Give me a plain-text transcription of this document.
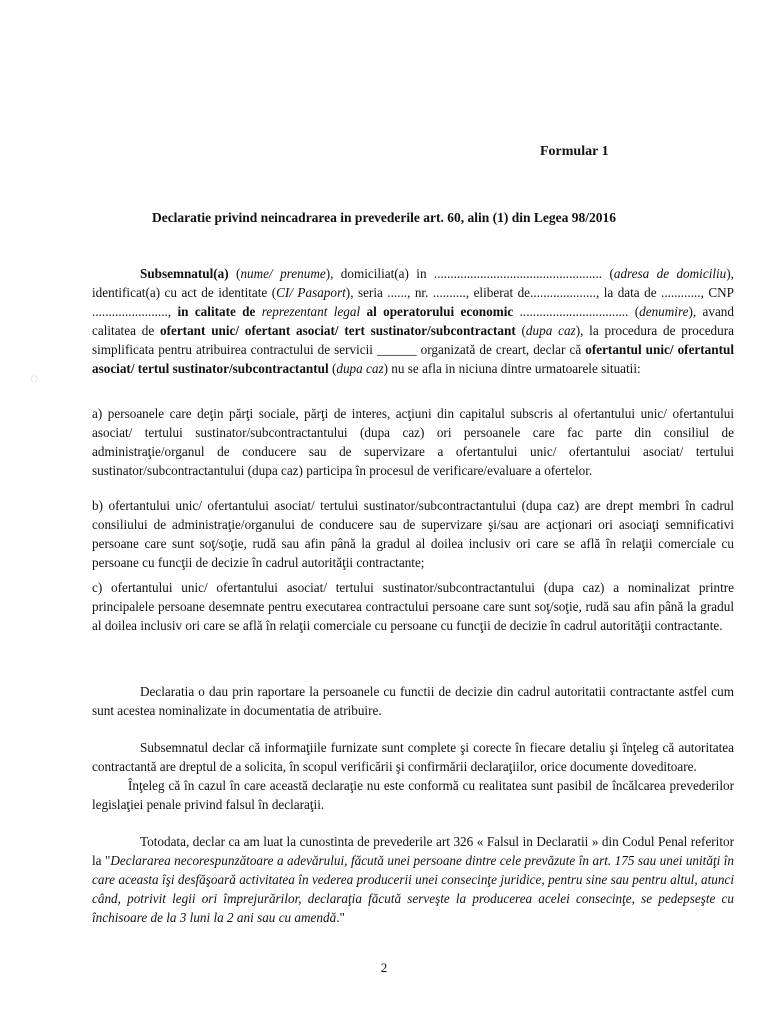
Formular 1
Declaratie privind neincadrarea in prevederile art. 60, alin (1) din Legea 98/2016

Subsemnatul(a) (nume/ prenume), domiciliat(a) in ................................................... (adresa de domiciliu), identificat(a) cu act de identitate (CI/ Pasaport), seria ......, nr. .........., eliberat de...................., la data de ............, CNP ......................., in calitate de reprezentant legal al operatorului economic ................................. (denumire), avand calitatea de ofertant unic/ ofertant asociat/ tert sustinator/subcontractant (dupa caz), la procedura de procedura simplificata pentru atribuirea contractului de servicii ______ organizată de creart, declar că ofertantul unic/ ofertantul asociat/ tertul sustinator/subcontractantul (dupa caz) nu se afla in niciuna dintre urmatoarele situatii:

a) persoanele care deţin părţi sociale, părţi de interes, acţiuni din capitalul subscris al ofertantului unic/ ofertantului asociat/ tertului sustinator/subcontractantului (dupa caz) ori persoanele care fac parte din consiliul de administraţie/organul de conducere sau de supervizare a ofertantului unic/ ofertantului asociat/ tertului sustinator/subcontractantului (dupa caz) participa în procesul de verificare/evaluare a ofertelor.

b) ofertantului unic/ ofertantului asociat/ tertului sustinator/subcontractantului (dupa caz) are drept membri în cadrul consiliului de administraţie/organului de conducere sau de supervizare şi/sau are acţionari ori asociaţi semnificativi persoane care sunt soţ/soţie, rudă sau afin până la gradul al doilea inclusiv ori care se află în relaţii comerciale cu persoane cu funcţii de decizie în cadrul autorităţii contractante;

c) ofertantului unic/ ofertantului asociat/ tertului sustinator/subcontractantului (dupa caz) a nominalizat printre principalele persoane desemnate pentru executarea contractului persoane care sunt soţ/soţie, rudă sau afin până la gradul al doilea inclusiv ori care se află în relaţii comerciale cu persoane cu funcţii de decizie în cadrul autorităţii contractante.

Declaratia o dau prin raportare la persoanele cu functii de decizie din cadrul autoritatii contractante astfel cum sunt acestea nominalizate in documentatia de atribuire.

Subsemnatul declar că informaţiile furnizate sunt complete şi corecte în fiecare detaliu şi înţeleg că autoritatea contractantă are dreptul de a solicita, în scopul verificării şi confirmării declaraţiilor, orice documente doveditoare.

Înţeleg că în cazul în care această declaraţie nu este conformă cu realitatea sunt pasibil de încălcarea prevederilor legislaţiei penale privind falsul în declaraţii.

Totodata, declar ca am luat la cunostinta de prevederile art 326 « Falsul in Declaratii » din Codul Penal referitor la "Declararea necorespunzătoare a adevărului, făcută unei persoane dintre cele prevăzute în art. 175 sau unei unităţi în care aceasta îşi desfăşoară activitatea în vederea producerii unei consecinţe juridice, pentru sine sau pentru altul, atunci când, potrivit legii ori împrejurărilor, declaraţia făcută serveşte la producerea acelei consecinţe, se pedepseşte cu închisoare de la 3 luni la 2 ani sau cu amendă."

2
◌
